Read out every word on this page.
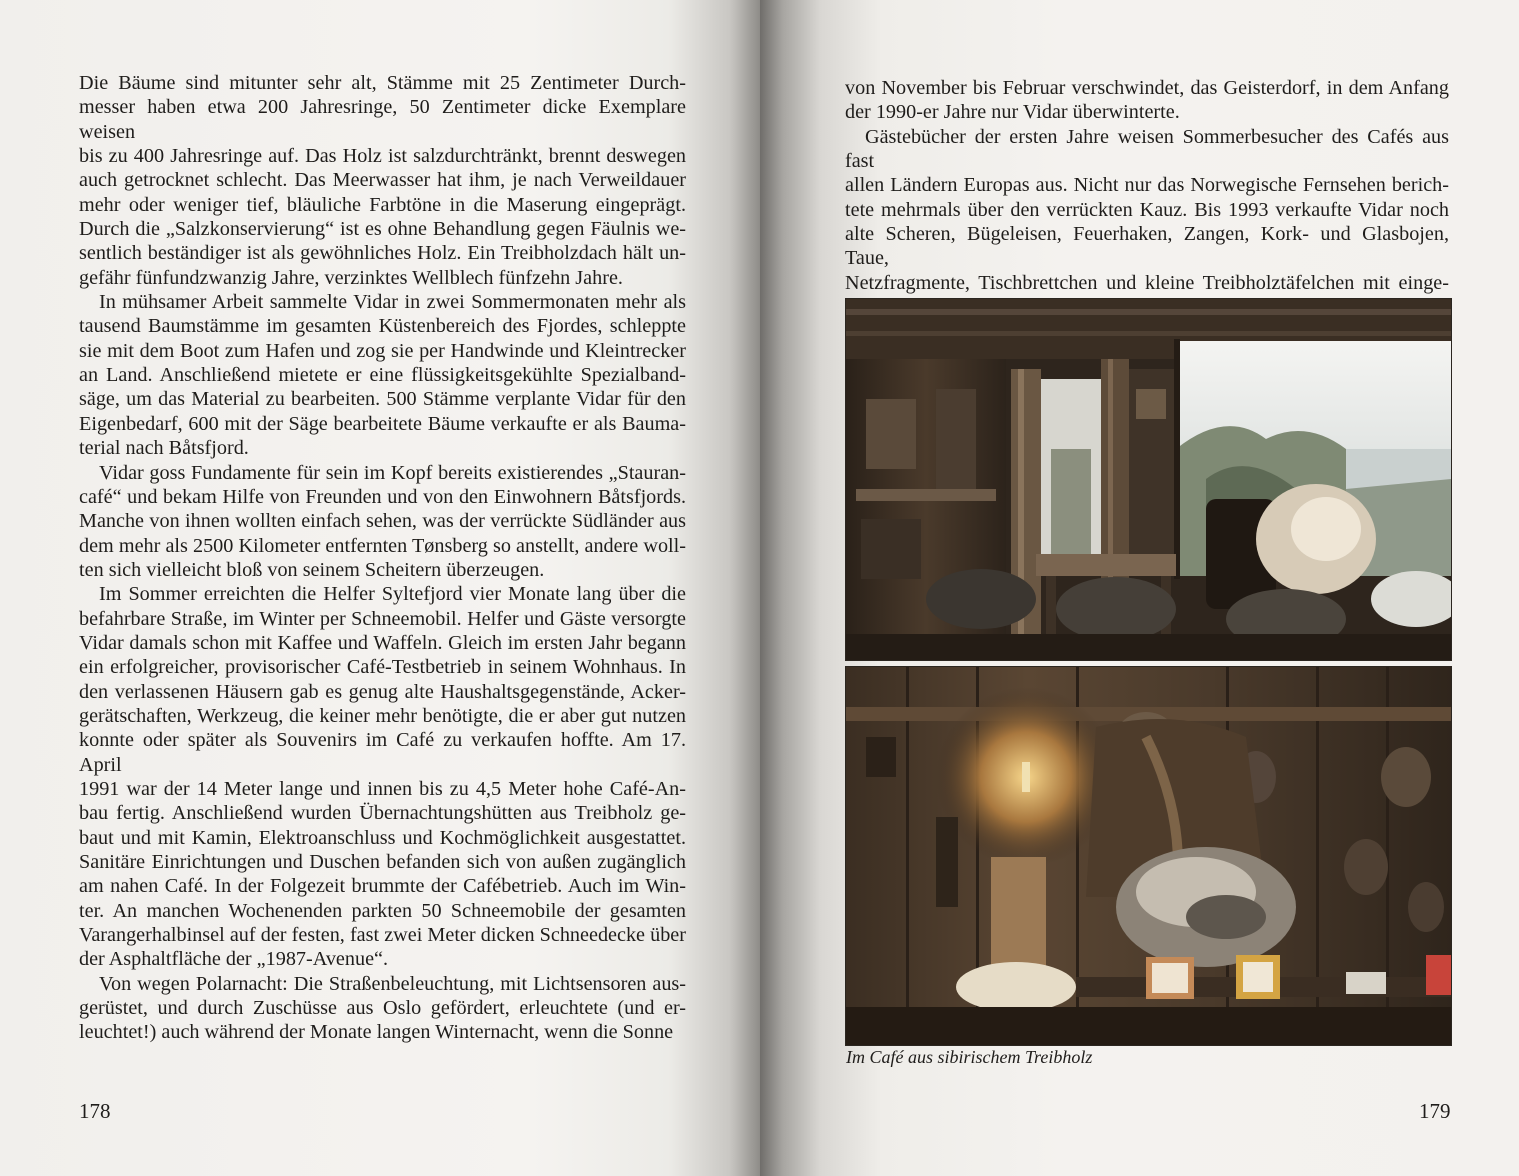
Die Bäume sind mitunter sehr alt, Stämme mit 25 Zentimeter Durch-
messer haben etwa 200 Jahresringe, 50 Zentimeter dicke Exemplare weisen
bis zu 400 Jahresringe auf. Das Holz ist salzdurchtränkt, brennt deswegen
auch getrocknet schlecht. Das Meerwasser hat ihm, je nach Verweildauer
mehr oder weniger tief, bläuliche Farbtöne in die Maserung eingeprägt.
Durch die „Salzkonservierung“ ist es ohne Behandlung gegen Fäulnis we-
sentlich beständiger ist als gewöhnliches Holz. Ein Treibholzdach hält un-
gefähr fünfundzwanzig Jahre, verzinktes Wellblech fünfzehn Jahre.

In mühsamer Arbeit sammelte Vidar in zwei Sommermonaten mehr als
tausend Baumstämme im gesamten Küstenbereich des Fjordes, schleppte
sie mit dem Boot zum Hafen und zog sie per Handwinde und Kleintrecker
an Land. Anschließend mietete er eine flüssigkeitsgekühlte Spezialband-
säge, um das Material zu bearbeiten. 500 Stämme verplante Vidar für den
Eigenbedarf, 600 mit der Säge bearbeitete Bäume verkaufte er als Bauma-
terial nach Båtsfjord.

Vidar goss Fundamente für sein im Kopf bereits existierendes „Stauran-
café“ und bekam Hilfe von Freunden und von den Einwohnern Båtsfjords.
Manche von ihnen wollten einfach sehen, was der verrückte Südländer aus
dem mehr als 2500 Kilometer entfernten Tønsberg so anstellt, andere woll-
ten sich vielleicht bloß von seinem Scheitern überzeugen.

Im Sommer erreichten die Helfer Syltefjord vier Monate lang über die
befahrbare Straße, im Winter per Schneemobil. Helfer und Gäste versorgte
Vidar damals schon mit Kaffee und Waffeln. Gleich im ersten Jahr begann
ein erfolgreicher, provisorischer Café-Testbetrieb in seinem Wohnhaus. In
den verlassenen Häusern gab es genug alte Haushaltsgegenstände, Acker-
gerätschaften, Werkzeug, die keiner mehr benötigte, die er aber gut nutzen
konnte oder später als Souvenirs im Café zu verkaufen hoffte. Am 17. April
1991 war der 14 Meter lange und innen bis zu 4,5 Meter hohe Café-An-
bau fertig. Anschließend wurden Übernachtungshütten aus Treibholz ge-
baut und mit Kamin, Elektroanschluss und Kochmöglichkeit ausgestattet.
Sanitäre Einrichtungen und Duschen befanden sich von außen zugänglich
am nahen Café. In der Folgezeit brummte der Cafébetrieb. Auch im Win-
ter. An manchen Wochenenden parkten 50 Schneemobile der gesamten
Varangerhalbinsel auf der festen, fast zwei Meter dicken Schneedecke über
der Asphaltfläche der „1987-Avenue“.

Von wegen Polarnacht: Die Straßenbeleuchtung, mit Lichtsensoren aus-
gerüstet, und durch Zuschüsse aus Oslo gefördert, erleuchtete (und er-
leuchtet!) auch während der Monate langen Winternacht, wenn die Sonne

178

von November bis Februar verschwindet, das Geisterdorf, in dem Anfang
der 1990-er Jahre nur Vidar überwinterte.

Gästebücher der ersten Jahre weisen Sommerbesucher des Cafés aus fast
allen Ländern Europas aus. Nicht nur das Norwegische Fernsehen berich-
tete mehrmals über den verrückten Kauz. Bis 1993 verkaufte Vidar noch
alte Scheren, Bügeleisen, Feuerhaken, Zangen, Kork- und Glasbojen, Taue,
Netzfragmente, Tischbrettchen und kleine Treibholztäfelchen mit einge-

Im Café aus sibirischem Treibholz
179
